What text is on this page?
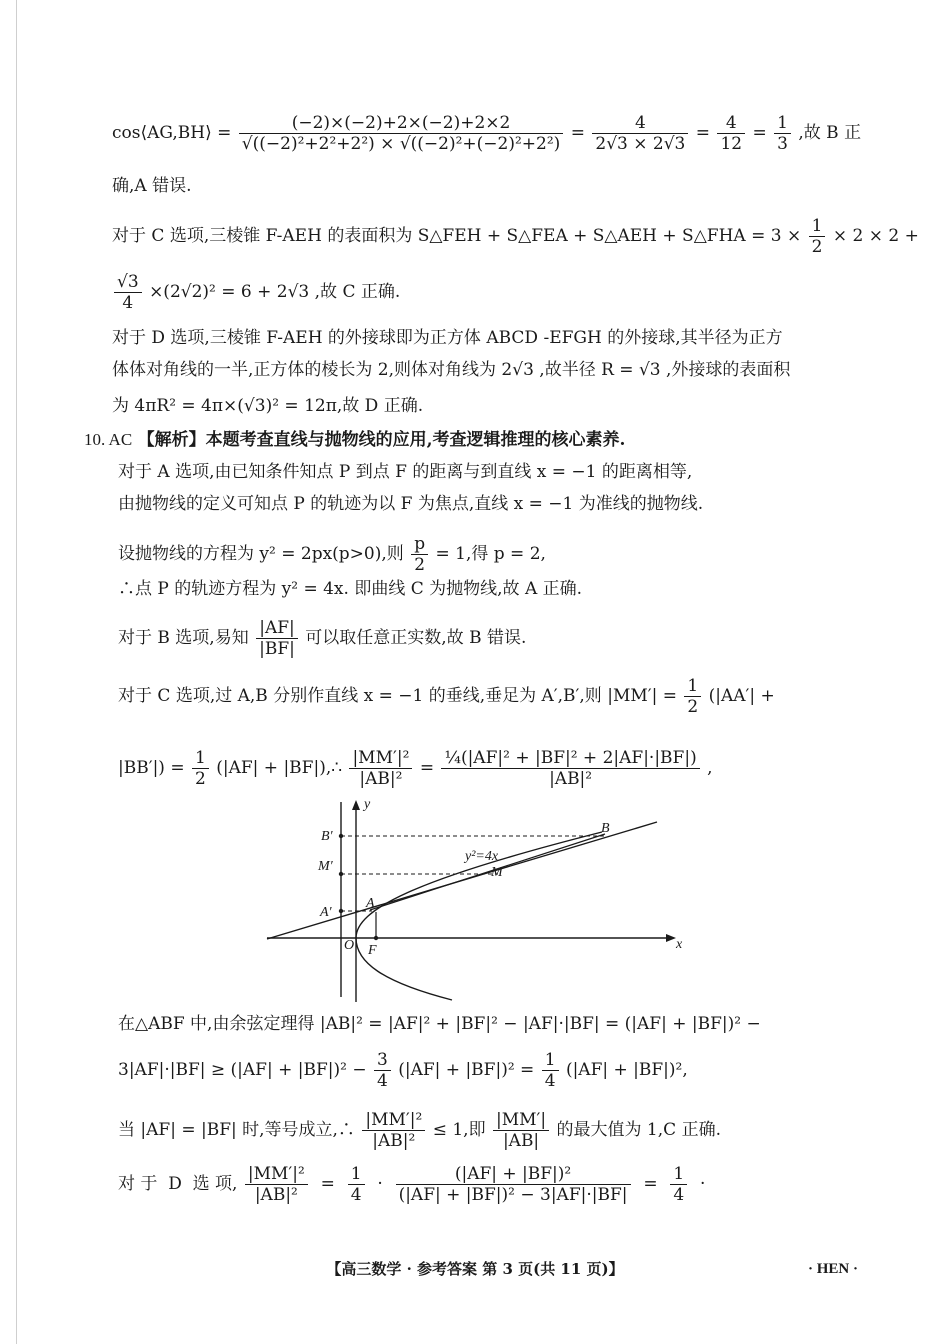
cos⟨AG,BH⟩ = $\frac{(-2)\times(-2)+2\times(-2)+2\times 2}{\text{√((−2)²+2²+2²) × √((−2)²+(−2)²+2²)}} = \frac{4}{2√3 \times 2√3} = \frac{4}{12} = \frac{1}{3}$ ,故 B 正
确,A 错误.
对于 C 选项,三棱锥 F-AEH 的表面积为 S△FEH + S△FEA + S△AEH + S△FHA = $3 \times \frac{1}{2} \times 2 \times 2$ +
$\frac{√3}{4} \times(2√2)^2 = 6 + 2√3$ ,故 C 正确.
对于 D 选项,三棱锥 F-AEH 的外接球即为正方体 ABCD -EFGH 的外接球,其半径为正方
体体对角线的一半,正方体的棱长为 2,则体对角线为 2√3 ,故半径 R = √3 ,外接球的表面积
为 4πR² = 4π×(√3)² = 12π,故 D 正确.
10. AC 【解析】本题考查直线与抛物线的应用,考查逻辑推理的核心素养.
对于 A 选项,由已知条件知点 P 到点 F 的距离与到直线 x = −1 的距离相等,
由抛物线的定义可知点 P 的轨迹为以 F 为焦点,直线 x = −1 为准线的抛物线.
设抛物线的方程为 y² = 2px(p>0),则 $\frac{p}{2} = 1$,得 p = 2,
∴点 P 的轨迹方程为 y² = 4x. 即曲线 C 为抛物线,故 A 正确.
对于 B 选项,易知 $\frac{|AF|}{|BF|}$ 可以取任意正实数,故 B 错误.
对于 C 选项,过 A,B 分别作直线 x = −1 的垂线,垂足为 A′,B′,则 $|MM'| = \frac{1}{2} (|AA'|$ +
$|BB'|) = \frac{1}{2} (|AF|$ + |BF|),∴ $\frac{\text{|MM′|²}}{\text{|AB|²}} = \frac{\text{¼(|AF|² + |BF|² + 2|AF|·|BF|)}}{\text{|AB|²}}$ ,
y
x
B′
M′
A′
A
B
M
O F
y²=4x
在△ABF 中,由余弦定理得 |AB|² = |AF|² + |BF|² − |AF|·|BF| = (|AF| + |BF|)² −
$3|AF|\cdot|BF| \ge (|AF| + |BF|)^2 - \frac{3}{4} (|AF| + |BF|)^2 = \frac{1}{4} (|AF| + |BF|)^2$,
当 |AF| = |BF| 时,等号成立,∴ $\frac{\text{|MM′|²}}{\text{|AB|²}} \le 1$,即 $\frac{|MM'|}{|AB|}$ 的最大值为 1,C 正确.
对 于  D  选 项, $\frac{\text{|MM′|²}}{\text{|AB|²}} = \frac{1}{4} \cdot \frac{\text{(|AF| + |BF|)²}}{\text{(|AF| + |BF|)² − 3|AF|·|BF|}} = \frac{1}{4}$ ·
【高三数学 · 参考答案 第 3 页(共 11 页)】	· HEN ·
